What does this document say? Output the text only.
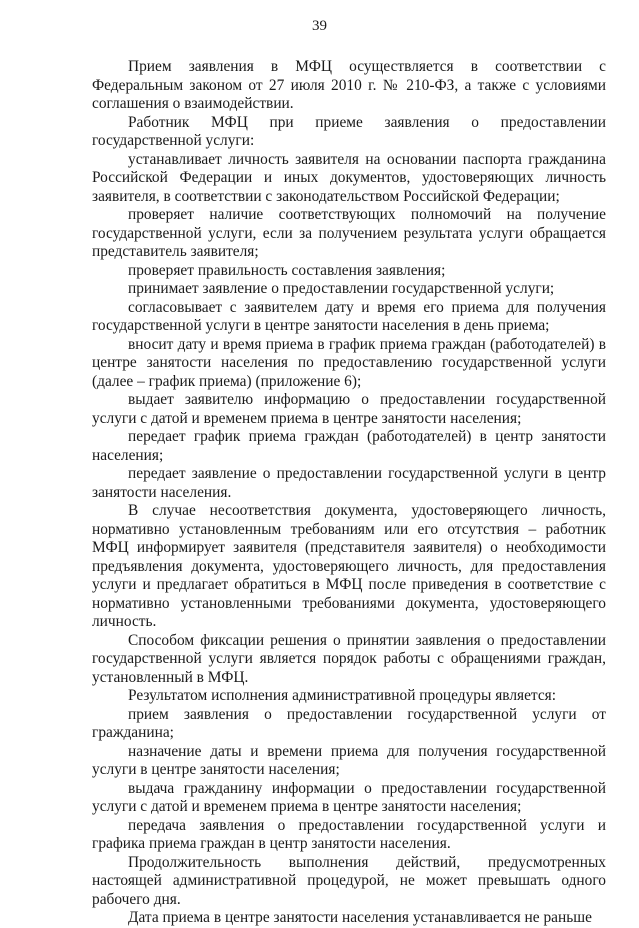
39

Прием заявления в МФЦ осуществляется в соответствии с Федеральным законом от 27 июля 2010 г. № 210-ФЗ, а также с условиями соглашения о взаимодействии.

Работник МФЦ при приеме заявления о предоставлении государственной услуги:

устанавливает личность заявителя на основании паспорта гражданина Российской Федерации и иных документов, удостоверяющих личность заявителя, в соответствии с законодательством Российской Федерации;

проверяет наличие соответствующих полномочий на получение государственной услуги, если за получением результата услуги обращается представитель заявителя;

проверяет правильность составления заявления;

принимает заявление о предоставлении государственной услуги;

согласовывает с заявителем дату и время его приема для получения государственной услуги в центре занятости населения в день приема;

вносит дату и время приема в график приема граждан (работодателей) в центре занятости населения по предоставлению государственной услуги (далее – график приема) (приложение 6);

выдает заявителю информацию о предоставлении государственной услуги с датой и временем приема в центре занятости населения;

передает график приема граждан (работодателей) в центр занятости населения;

передает заявление о предоставлении государственной услуги в центр занятости населения.

В случае несоответствия документа, удостоверяющего личность, нормативно установленным требованиям или его отсутствия – работник МФЦ информирует заявителя (представителя заявителя) о необходимости предъявления документа, удостоверяющего личность, для предоставления услуги и предлагает обратиться в МФЦ после приведения в соответствие с нормативно установленными требованиями документа, удостоверяющего личность.

Способом фиксации решения о принятии заявления о предоставлении государственной услуги является порядок работы с обращениями граждан, установленный в МФЦ.

Результатом исполнения административной процедуры является:

прием заявления о предоставлении государственной услуги от гражданина;

назначение даты и времени приема для получения государственной услуги в центре занятости населения;

выдача гражданину информации о предоставлении государственной услуги с датой и временем приема в центре занятости населения;

передача заявления о предоставлении государственной услуги и графика приема граждан в центр занятости населения.

Продолжительность выполнения действий, предусмотренных настоящей административной процедурой, не может превышать одного рабочего дня.

Дата приема в центре занятости населения устанавливается не раньше
